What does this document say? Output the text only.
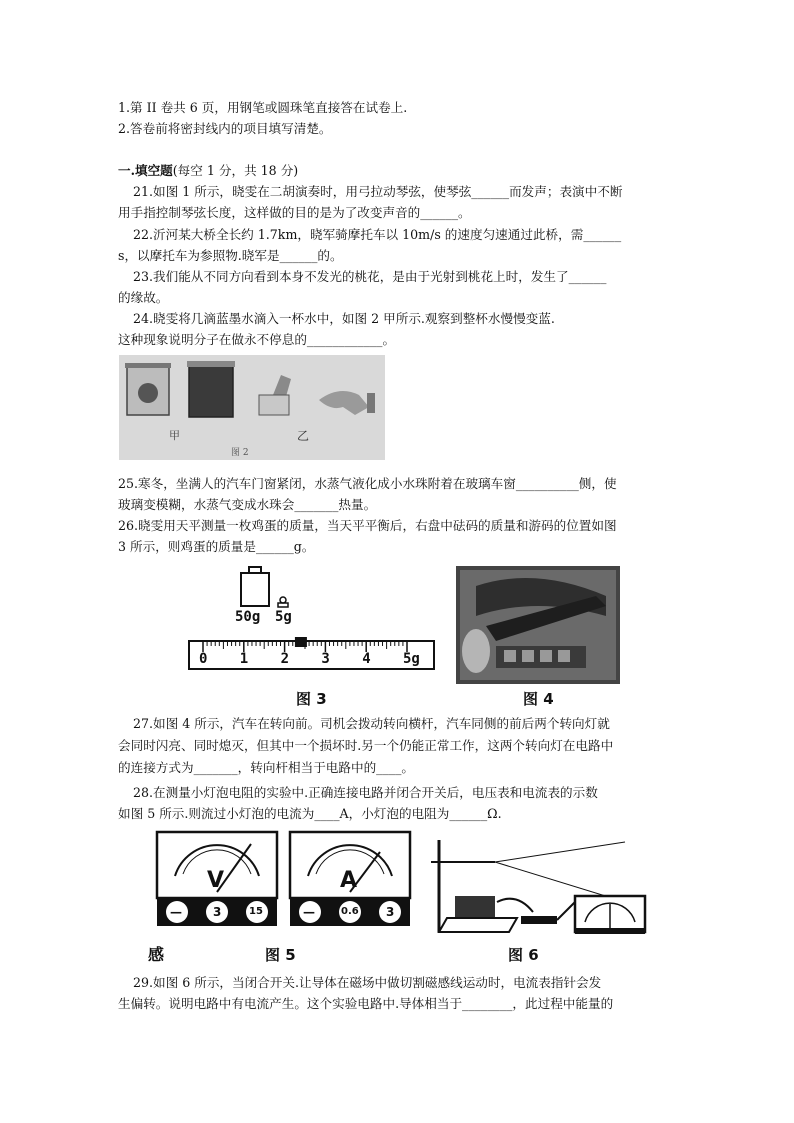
1.第 II 卷共 6 页，用钢笔或圆珠笔直接答在试卷上.
2.答卷前将密封线内的项目填写清楚。
一.填空题(每空 1 分，共 18 分)
21.如图 1 所示，晓雯在二胡演奏时，用弓拉动琴弦，使琴弦______而发声；表演中不断
用手指控制琴弦长度，这样做的目的是为了改变声音的______。
22.沂河某大桥全长约 1.7km，晓军骑摩托车以 10m/s 的速度匀速通过此桥，需______
s，以摩托车为参照物.晓军是______的。
23.我们能从不同方向看到本身不发光的桃花，是由于光射到桃花上时，发生了______
的缘故。
24.晓雯将几滴蓝墨水滴入一杯水中，如图 2 甲所示.观察到整杯水慢慢变蓝.
这种现象说明分子在做永不停息的____________。
甲	乙
图 2
25.寒冬，坐满人的汽车门窗紧闭，水蒸气液化成小水珠附着在玻璃车窗__________侧，使
玻璃变模糊，水蒸气变成水珠会_______热量。
26.晓雯用天平测量一枚鸡蛋的质量，当天平平衡后，右盘中砝码的质量和游码的位置如图
3 所示，则鸡蛋的质量是______g。
50g 5g
0 1 2 3 4 5g
图 3	图 4
27.如图 4 所示，汽车在转向前。司机会拨动转向横杆，汽车同侧的前后两个转向灯就
会同时闪亮、同时熄灭，但其中一个损坏时.另一个仍能正常工作，这两个转向灯在电路中
的连接方式为_______，转向杆相当于电路中的____。
28.在测量小灯泡电阻的实验中.正确连接电路并闭合开关后，电压表和电流表的示数
如图 5 所示.则流过小灯泡的电流为____A，小灯泡的电阻为______Ω.
V
—	3	15
A
—	0.6 3
感	图 5	图 6
29.如图 6 所示，当闭合开关.让导体在磁场中做切割磁感线运动时，电流表指针会发
生偏转。说明电路中有电流产生。这个实验电路中.导体相当于________，此过程中能量的
